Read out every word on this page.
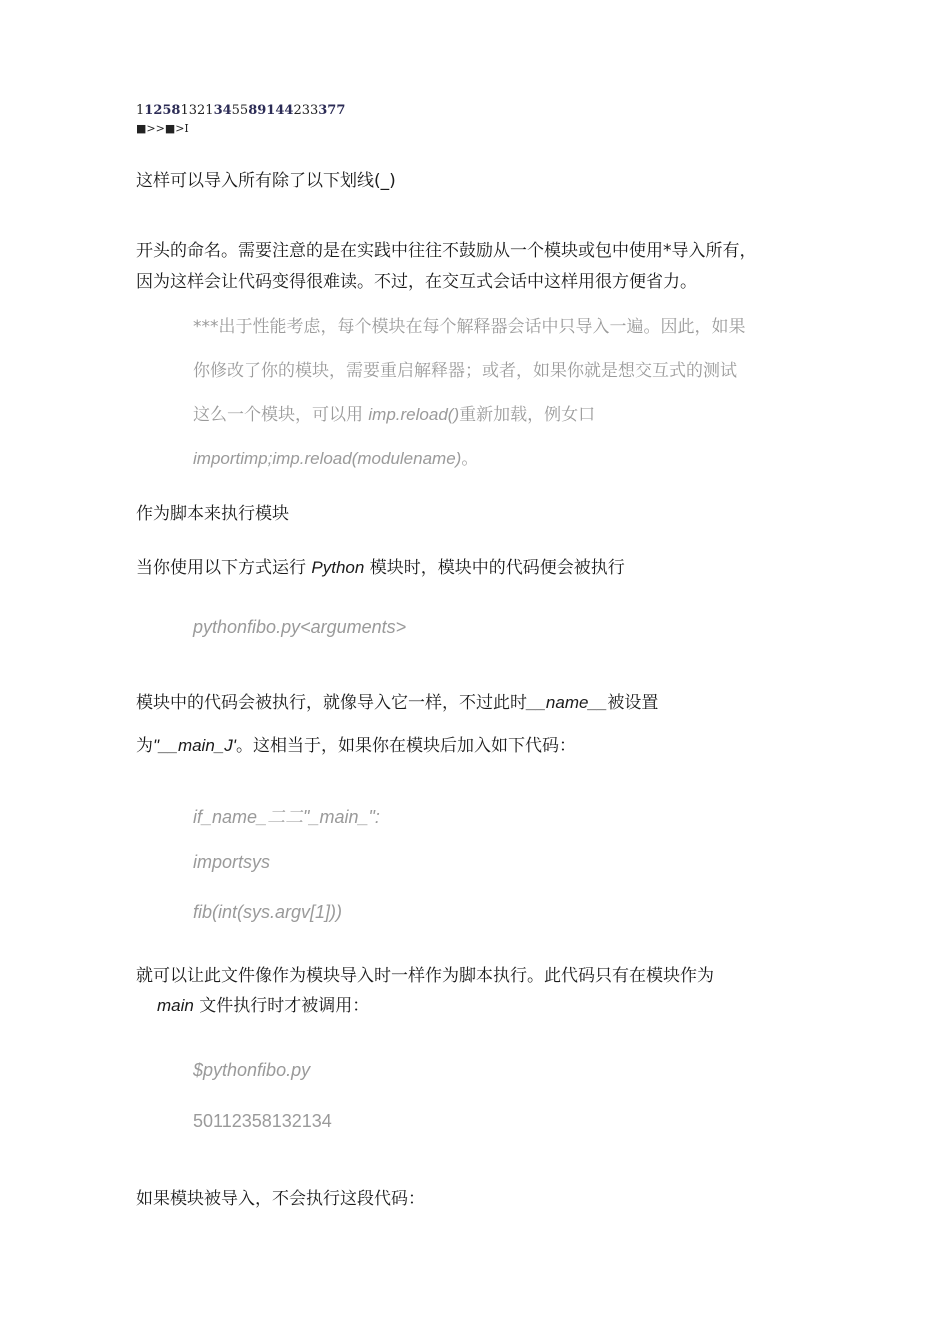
112581321345589144233377
■>>■>I
这样可以导入所有除了以下划线(_)
开头的命名。需要注意的是在实践中往往不鼓励从一个模块或包中使用*导入所有，
因为这样会让代码变得很难读。不过，在交互式会话中这样用很方便省力。
***出于性能考虑，每个模块在每个解释器会话中只导入一遍。因此，如果
你修改了你的模块，需要重启解释器；或者，如果你就是想交互式的测试
这么一个模块，可以用 imp.reload()重新加载，例女口
importimp;imp.reload(modulename)。
作为脚本来执行模块
当你使用以下方式运行 Python 模块时，模块中的代码便会被执行
pythonfibo.py<arguments>
模块中的代码会被执行，就像导入它一样，不过此时__name__被设置
为"__main_J'。这相当于，如果你在模块后加入如下代码：
if_name_二二"_main_":
importsys
fib(int(sys.argv[1]))
就可以让此文件像作为模块导入时一样作为脚本执行。此代码只有在模块作为
main 文件执行时才被调用：
$pythonfibo.py
50112358132134
如果模块被导入，不会执行这段代码：
